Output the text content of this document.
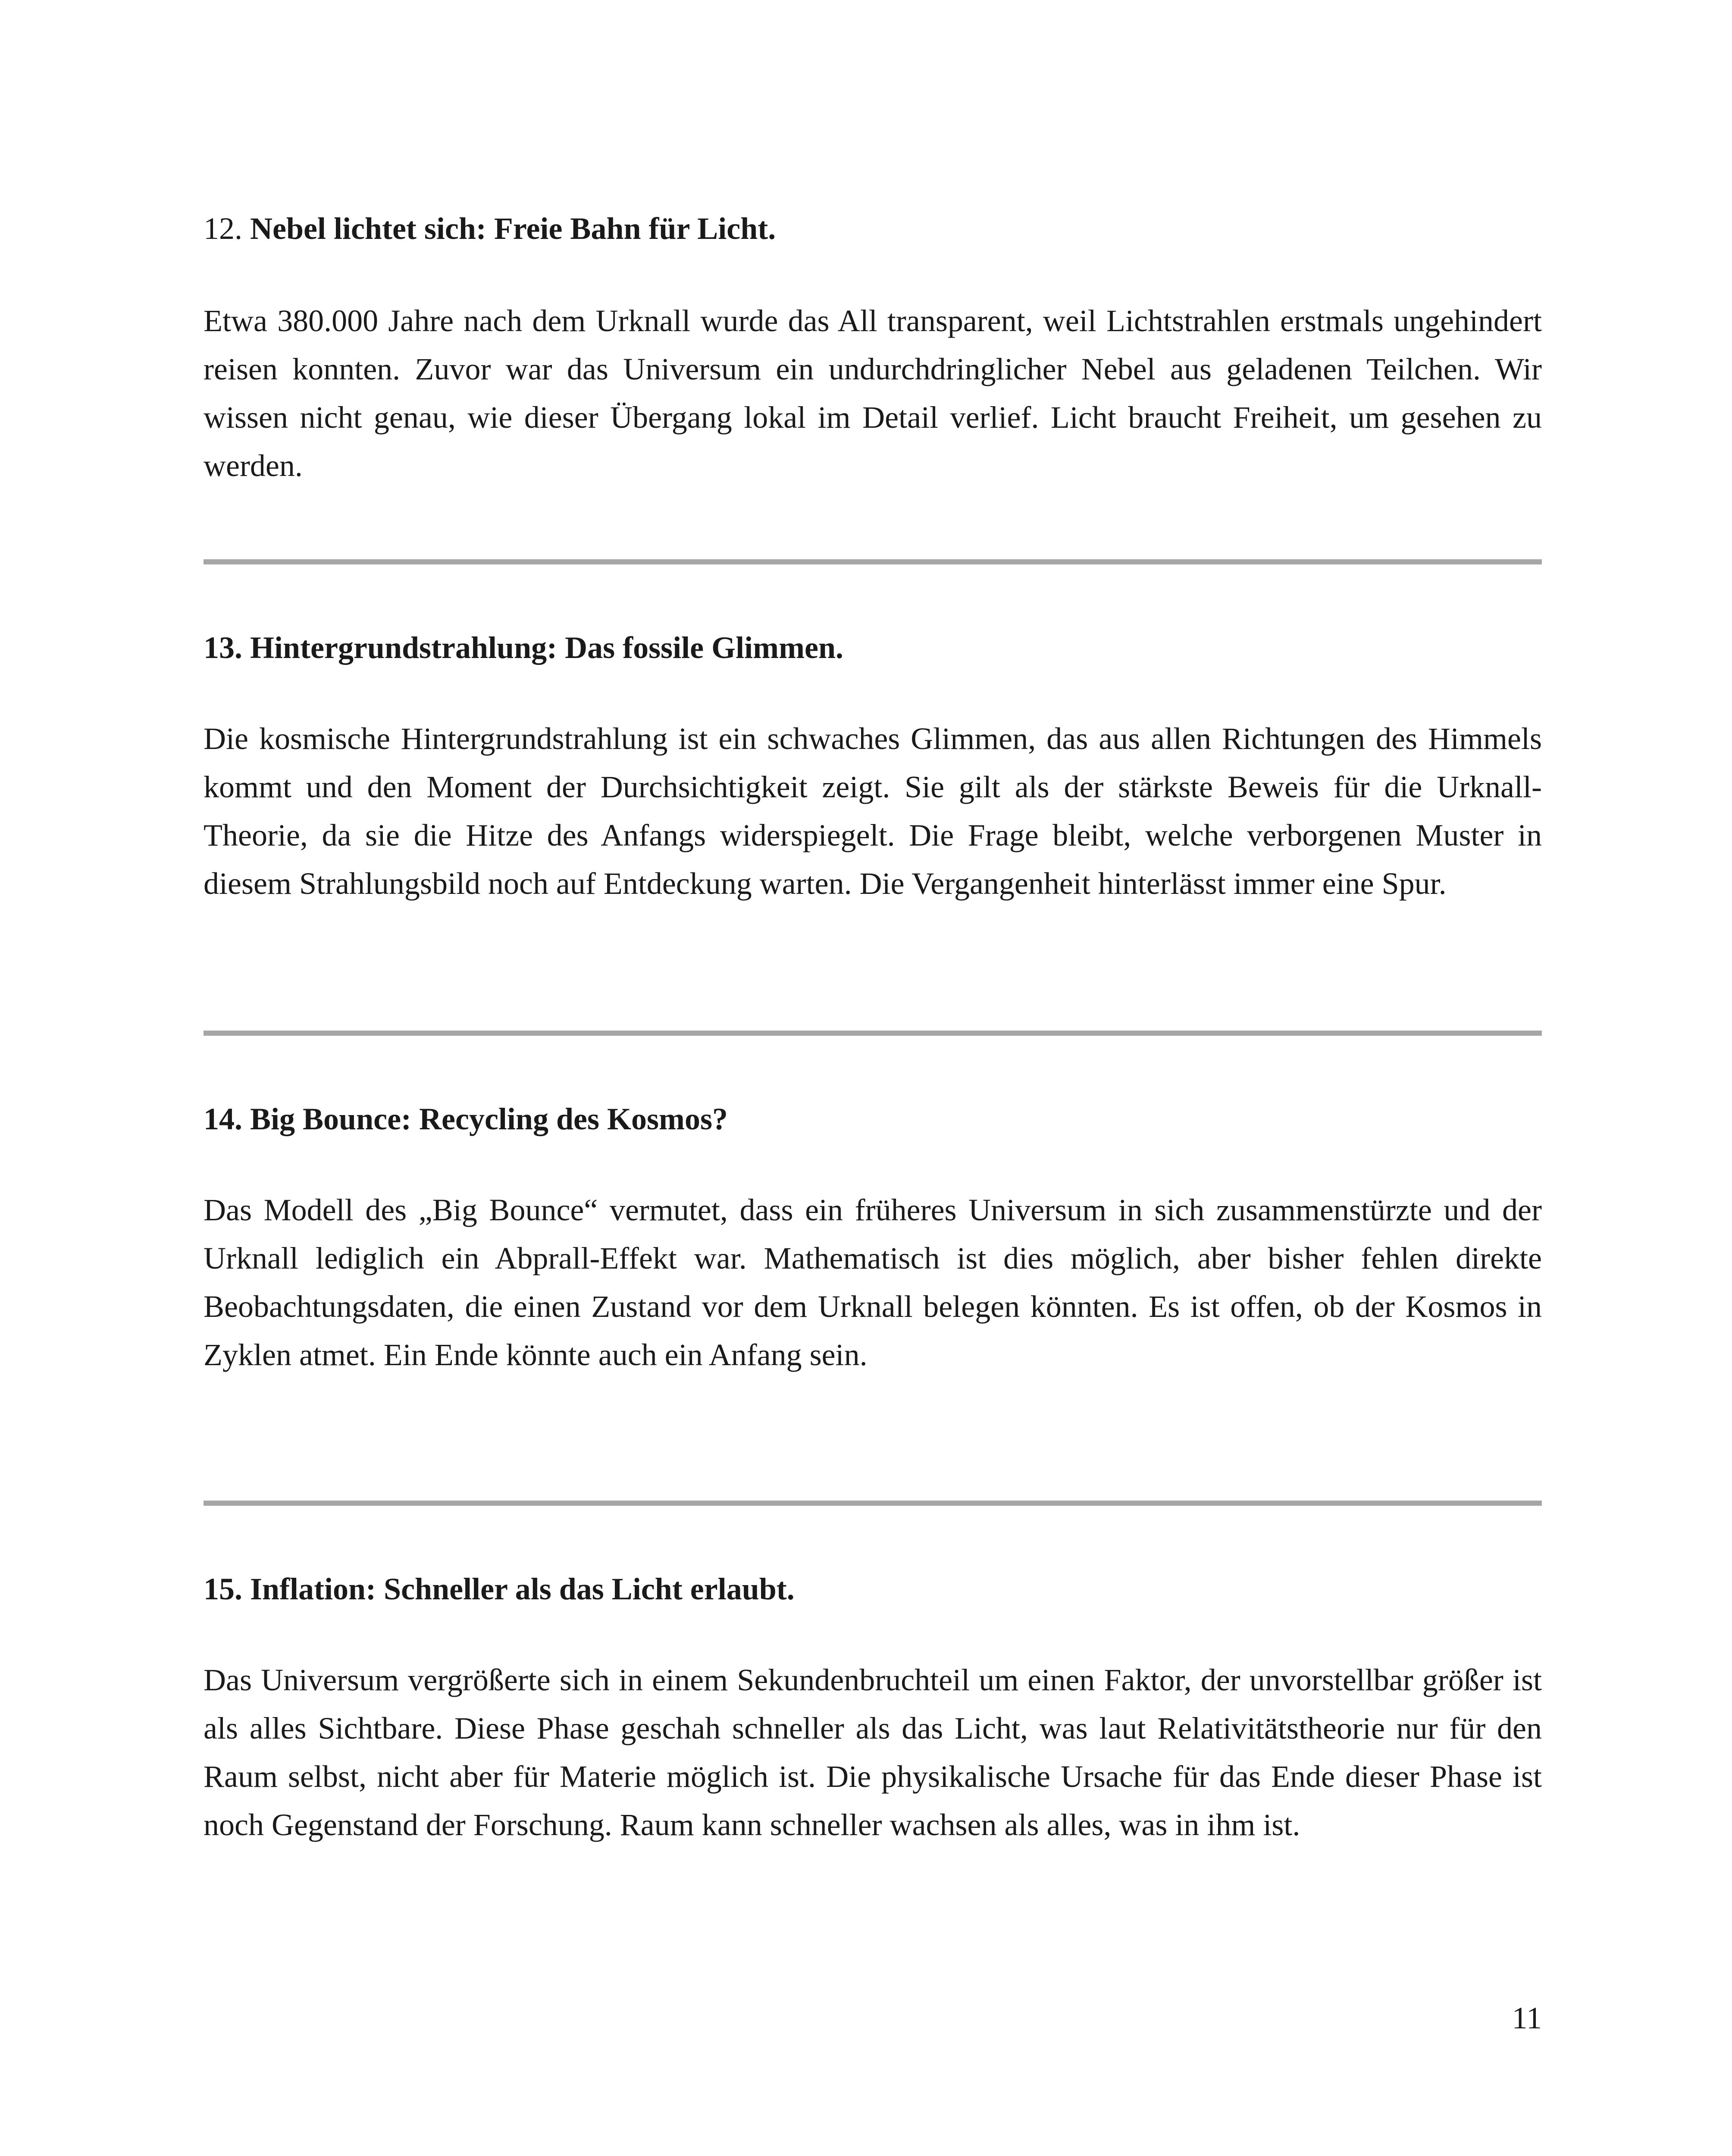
12. Nebel lichtet sich: Freie Bahn für Licht.

Etwa 380.000 Jahre nach dem Urknall wurde das All transparent, weil Lichtstrahlen erstmals ungehindert reisen konnten. Zuvor war das Universum ein undurchdringlicher Nebel aus geladenen Teilchen. Wir wissen nicht genau, wie dieser Übergang lokal im Detail verlief. Licht braucht Freiheit, um gesehen zu werden.

13. Hintergrundstrahlung: Das fossile Glimmen.

Die kosmische Hintergrundstrahlung ist ein schwaches Glimmen, das aus allen Richtungen des Himmels kommt und den Moment der Durchsichtigkeit zeigt. Sie gilt als der stärkste Beweis für die Urknall-Theorie, da sie die Hitze des Anfangs widerspiegelt. Die Frage bleibt, welche verborgenen Muster in diesem Strahlungsbild noch auf Entdeckung warten. Die Vergangenheit hinterlässt immer eine Spur.

14. Big Bounce: Recycling des Kosmos?

Das Modell des „Big Bounce“ vermutet, dass ein früheres Universum in sich zusammenstürzte und der Urknall lediglich ein Abprall-Effekt war. Mathematisch ist dies möglich, aber bisher fehlen direkte Beobachtungsdaten, die einen Zustand vor dem Urknall belegen könnten. Es ist offen, ob der Kosmos in Zyklen atmet. Ein Ende könnte auch ein Anfang sein.

15. Inflation: Schneller als das Licht erlaubt.

Das Universum vergrößerte sich in einem Sekundenbruchteil um einen Faktor, der unvorstellbar größer ist als alles Sichtbare. Diese Phase geschah schneller als das Licht, was laut Relativitätstheorie nur für den Raum selbst, nicht aber für Materie möglich ist. Die physikalische Ursache für das Ende dieser Phase ist noch Gegenstand der Forschung. Raum kann schneller wachsen als alles, was in ihm ist.

11
